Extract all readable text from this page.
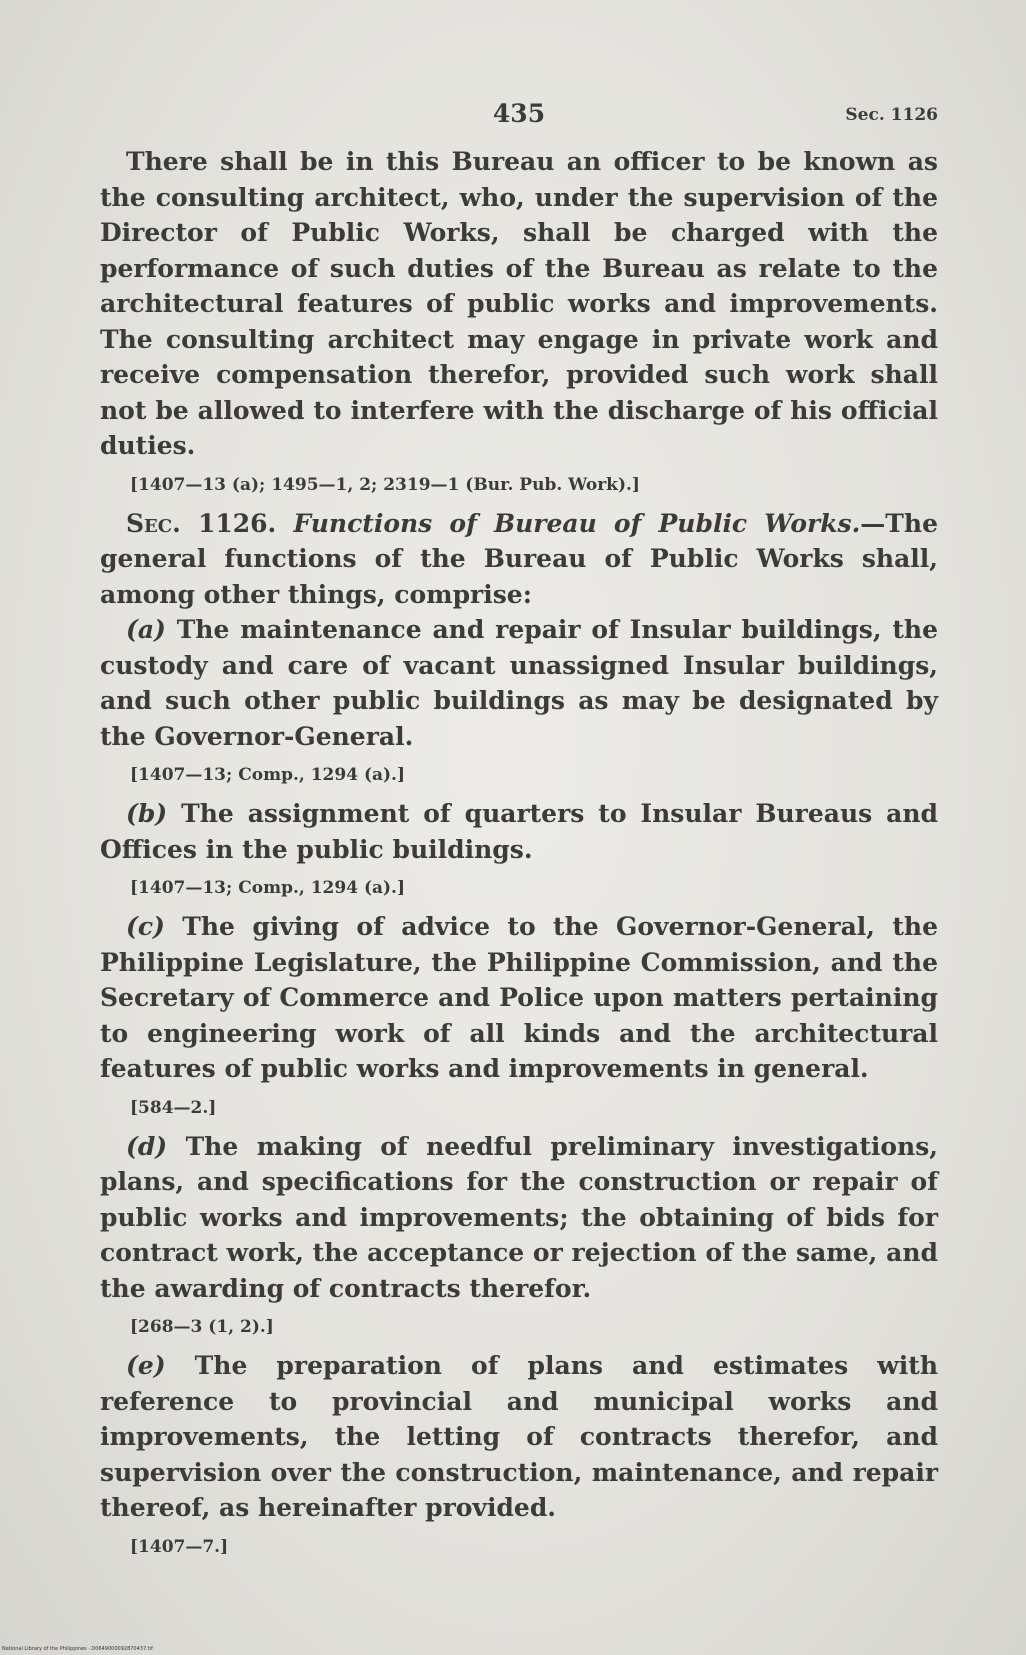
435	Sec. 1126

There shall be in this Bureau an officer to be known as the consulting architect, who, under the supervision of the Director of Public Works, shall be charged with the performance of such duties of the Bureau as relate to the architectural features of public works and improvements. The consulting architect may engage in private work and receive compensation therefor, provided such work shall not be allowed to interfere with the discharge of his official duties.

[1407—13 (a); 1495—1, 2; 2319—1 (Bur. Pub. Work).]

Sec. 1126. Functions of Bureau of Public Works.—The general functions of the Bureau of Public Works shall, among other things, comprise:

(a) The maintenance and repair of Insular buildings, the custody and care of vacant unassigned Insular buildings, and such other public buildings as may be designated by the Governor-General.

[1407—13; Comp., 1294 (a).]

(b) The assignment of quarters to Insular Bureaus and Offices in the public buildings.

[1407—13; Comp., 1294 (a).]

(c) The giving of advice to the Governor-General, the Philippine Legislature, the Philippine Commission, and the Secretary of Commerce and Police upon matters pertaining to engineering work of all kinds and the architectural features of public works and improvements in general.

[584—2.]

(d) The making of needful preliminary investigations, plans, and specifications for the construction or repair of public works and improvements; the obtaining of bids for contract work, the acceptance or rejection of the same, and the awarding of contracts therefor.

[268—3 (1, 2).]

(e) The preparation of plans and estimates with reference to provincial and municipal works and improvements, the letting of contracts therefor, and supervision over the construction, maintenance, and repair thereof, as hereinafter provided.

[1407—7.]
National Library of the Philippines · D0649000092870437.tif
